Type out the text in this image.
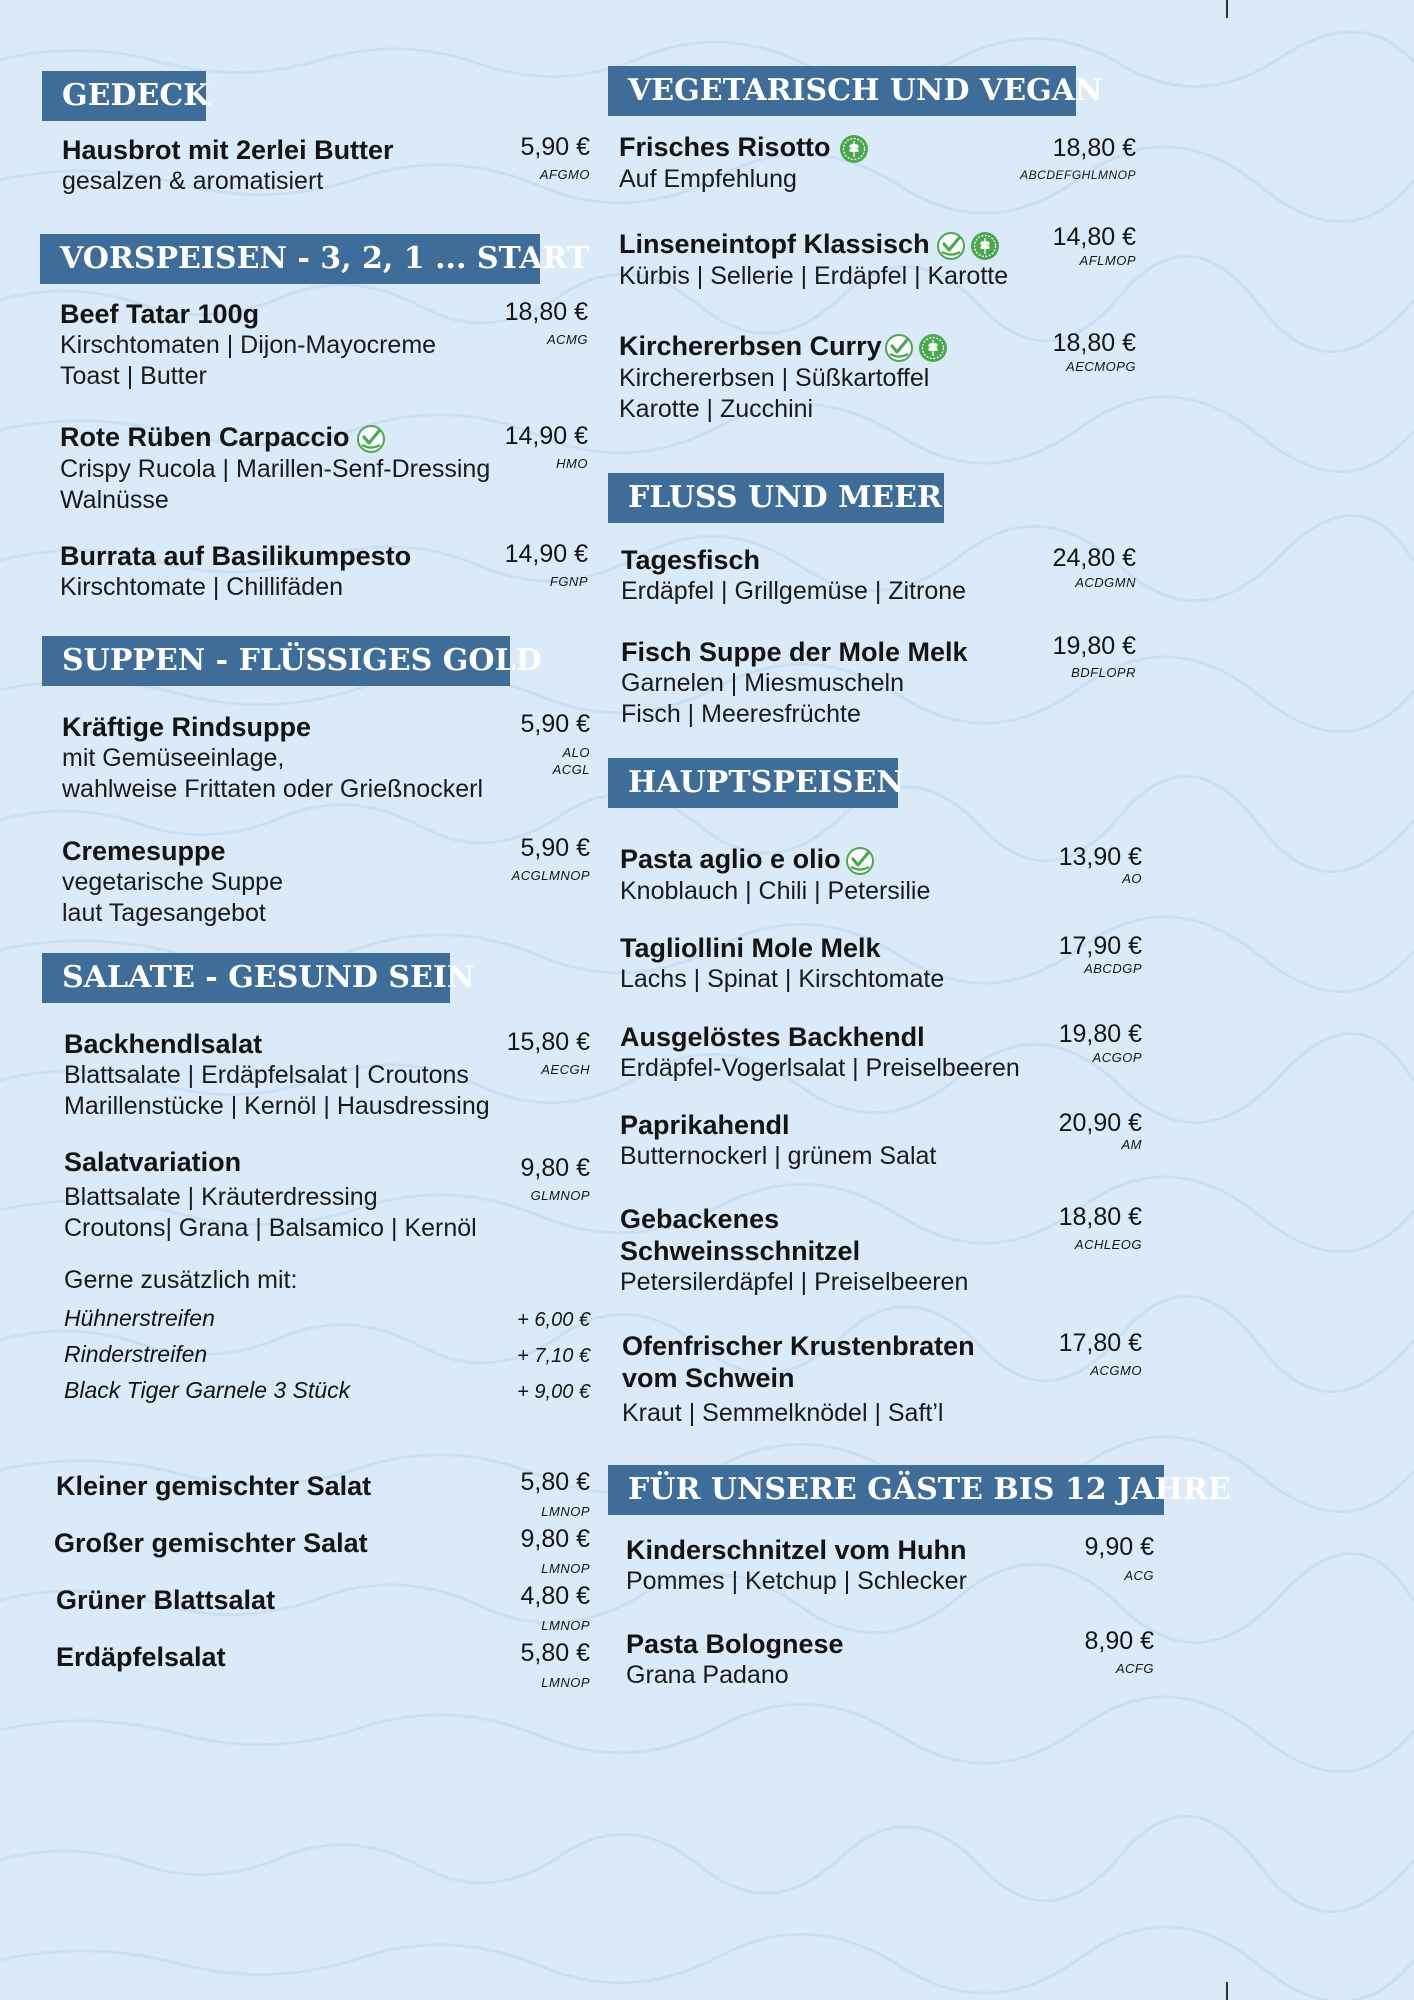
GEDECK
Hausbrot mit 2erlei Butter
gesalzen & aromatisiert
5,90 €
AFGMO
VORSPEISEN - 3, 2, 1 ... START
Beef Tatar 100g
Kirschtomaten | Dijon-Mayocreme
Toast | Butter
18,80 €
ACMG
Rote Rüben Carpaccio
Crispy Rucola | Marillen-Senf-Dressing
Walnüsse
14,90 €
HMO
Burrata auf Basilikumpesto
Kirschtomate | Chillifäden
14,90 €
FGNP
SUPPEN - FLÜSSIGES GOLD
Kräftige Rindsuppe
mit Gemüseeinlage,
wahlweise Frittaten oder Grießnockerl
5,90 €
ALO
ACGL
Cremesuppe
vegetarische Suppe
laut Tagesangebot
5,90 €
ACGLMNOP
SALATE - GESUND SEIN
Backhendlsalat
Blattsalate | Erdäpfelsalat | Croutons
Marillenstücke | Kernöl | Hausdressing
15,80 €
AECGH
Salatvariation
Blattsalate | Kräuterdressing
Croutons| Grana | Balsamico | Kernöl
9,80 €
GLMNOP
Gerne zusätzlich mit:
Hühnerstreifen	+ 6,00 €
Rinderstreifen	+ 7,10 €
Black Tiger Garnele 3 Stück	+ 9,00 €
Kleiner gemischter Salat	5,80 €
LMNOP
Großer gemischter Salat	9,80 €
LMNOP
Grüner Blattsalat	4,80 €
LMNOP
Erdäpfelsalat	5,80 €
LMNOP
VEGETARISCH UND VEGAN
Frisches Risotto
Auf Empfehlung
18,80 €
ABCDEFGHLMNOP
Linseneintopf Klassisch
Kürbis | Sellerie | Erdäpfel | Karotte
14,80 €
AFLMOP
Kirchererbsen Curry
Kirchererbsen | Süßkartoffel
Karotte | Zucchini
18,80 €
AECMOPG
FLUSS UND MEER
Tagesfisch
Erdäpfel | Grillgemüse | Zitrone
24,80 €
ACDGMN
Fisch Suppe der Mole Melk
Garnelen | Miesmuscheln
Fisch | Meeresfrüchte
19,80 €
BDFLOPR
HAUPTSPEISEN
Pasta aglio e olio
Knoblauch | Chili | Petersilie
13,90 €
AO
Tagliollini Mole Melk
Lachs | Spinat | Kirschtomate
17,90 €
ABCDGP
Ausgelöstes Backhendl
Erdäpfel-Vogerlsalat | Preiselbeeren
19,80 €
ACGOP
Paprikahendl
Butternockerl | grünem Salat
20,90 €
AM
Gebackenes
Schweinsschnitzel
Petersilerdäpfel | Preiselbeeren
18,80 €
ACHLEOG
Ofenfrischer Krustenbraten
vom Schwein
Kraut | Semmelknödel | Saft’l
17,80 €
ACGMO
FÜR UNSERE GÄSTE BIS 12 JAHRE
Kinderschnitzel vom Huhn
Pommes | Ketchup | Schlecker
9,90 €
ACG
Pasta Bolognese
Grana Padano
8,90 €
ACFG
